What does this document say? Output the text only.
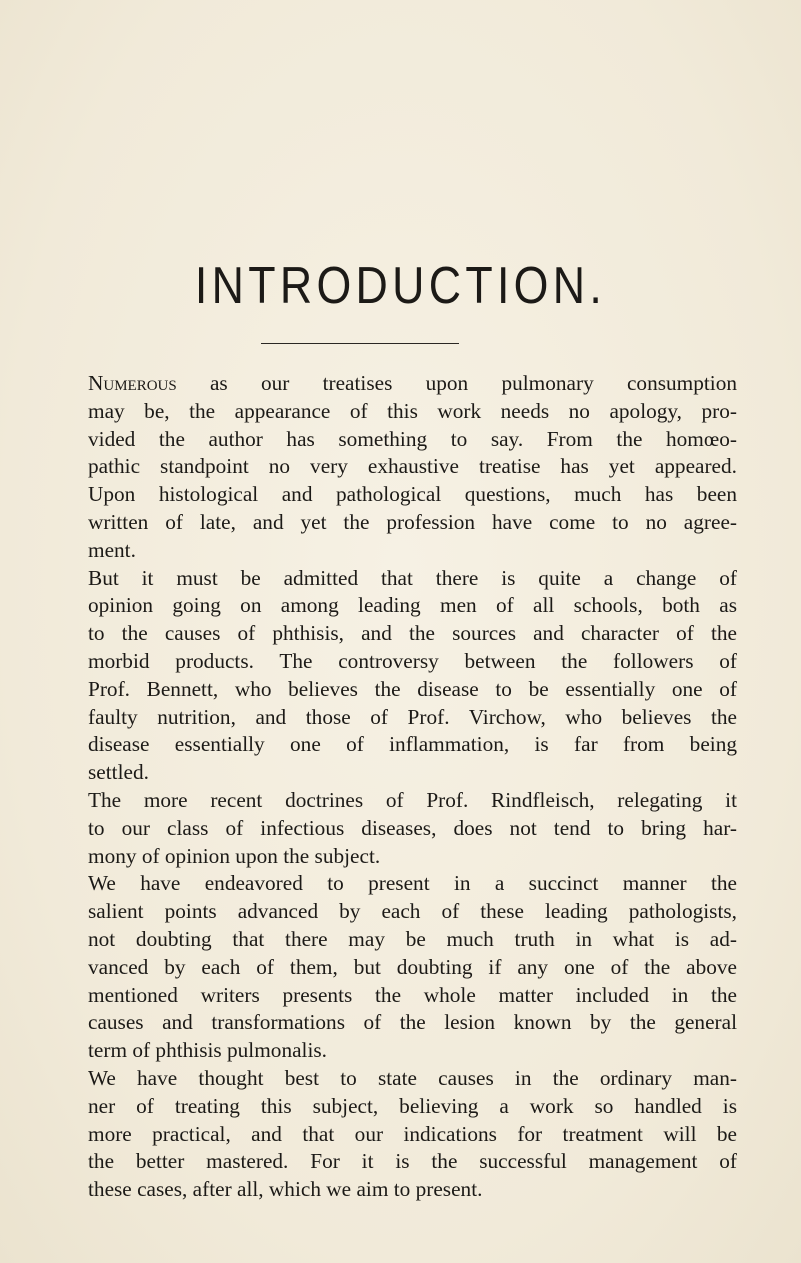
INTRODUCTION.
Numerous as our treatises upon pulmonary consumption
may be, the appearance of this work needs no apology, pro-
vided the author has something to say. From the homœo-
pathic standpoint no very exhaustive treatise has yet appeared.
Upon histological and pathological questions, much has been
written of late, and yet the profession have come to no agree-
ment.
But it must be admitted that there is quite a change of
opinion going on among leading men of all schools, both as
to the causes of phthisis, and the sources and character of the
morbid products. The controversy between the followers of
Prof. Bennett, who believes the disease to be essentially one of
faulty nutrition, and those of Prof. Virchow, who believes the
disease essentially one of inflammation, is far from being
settled.
The more recent doctrines of Prof. Rindfleisch, relegating it
to our class of infectious diseases, does not tend to bring har-
mony of opinion upon the subject.
We have endeavored to present in a succinct manner the
salient points advanced by each of these leading pathologists,
not doubting that there may be much truth in what is ad-
vanced by each of them, but doubting if any one of the above
mentioned writers presents the whole matter included in the
causes and transformations of the lesion known by the general
term of phthisis pulmonalis.
We have thought best to state causes in the ordinary man-
ner of treating this subject, believing a work so handled is
more practical, and that our indications for treatment will be
the better mastered. For it is the successful management of
these cases, after all, which we aim to present.
